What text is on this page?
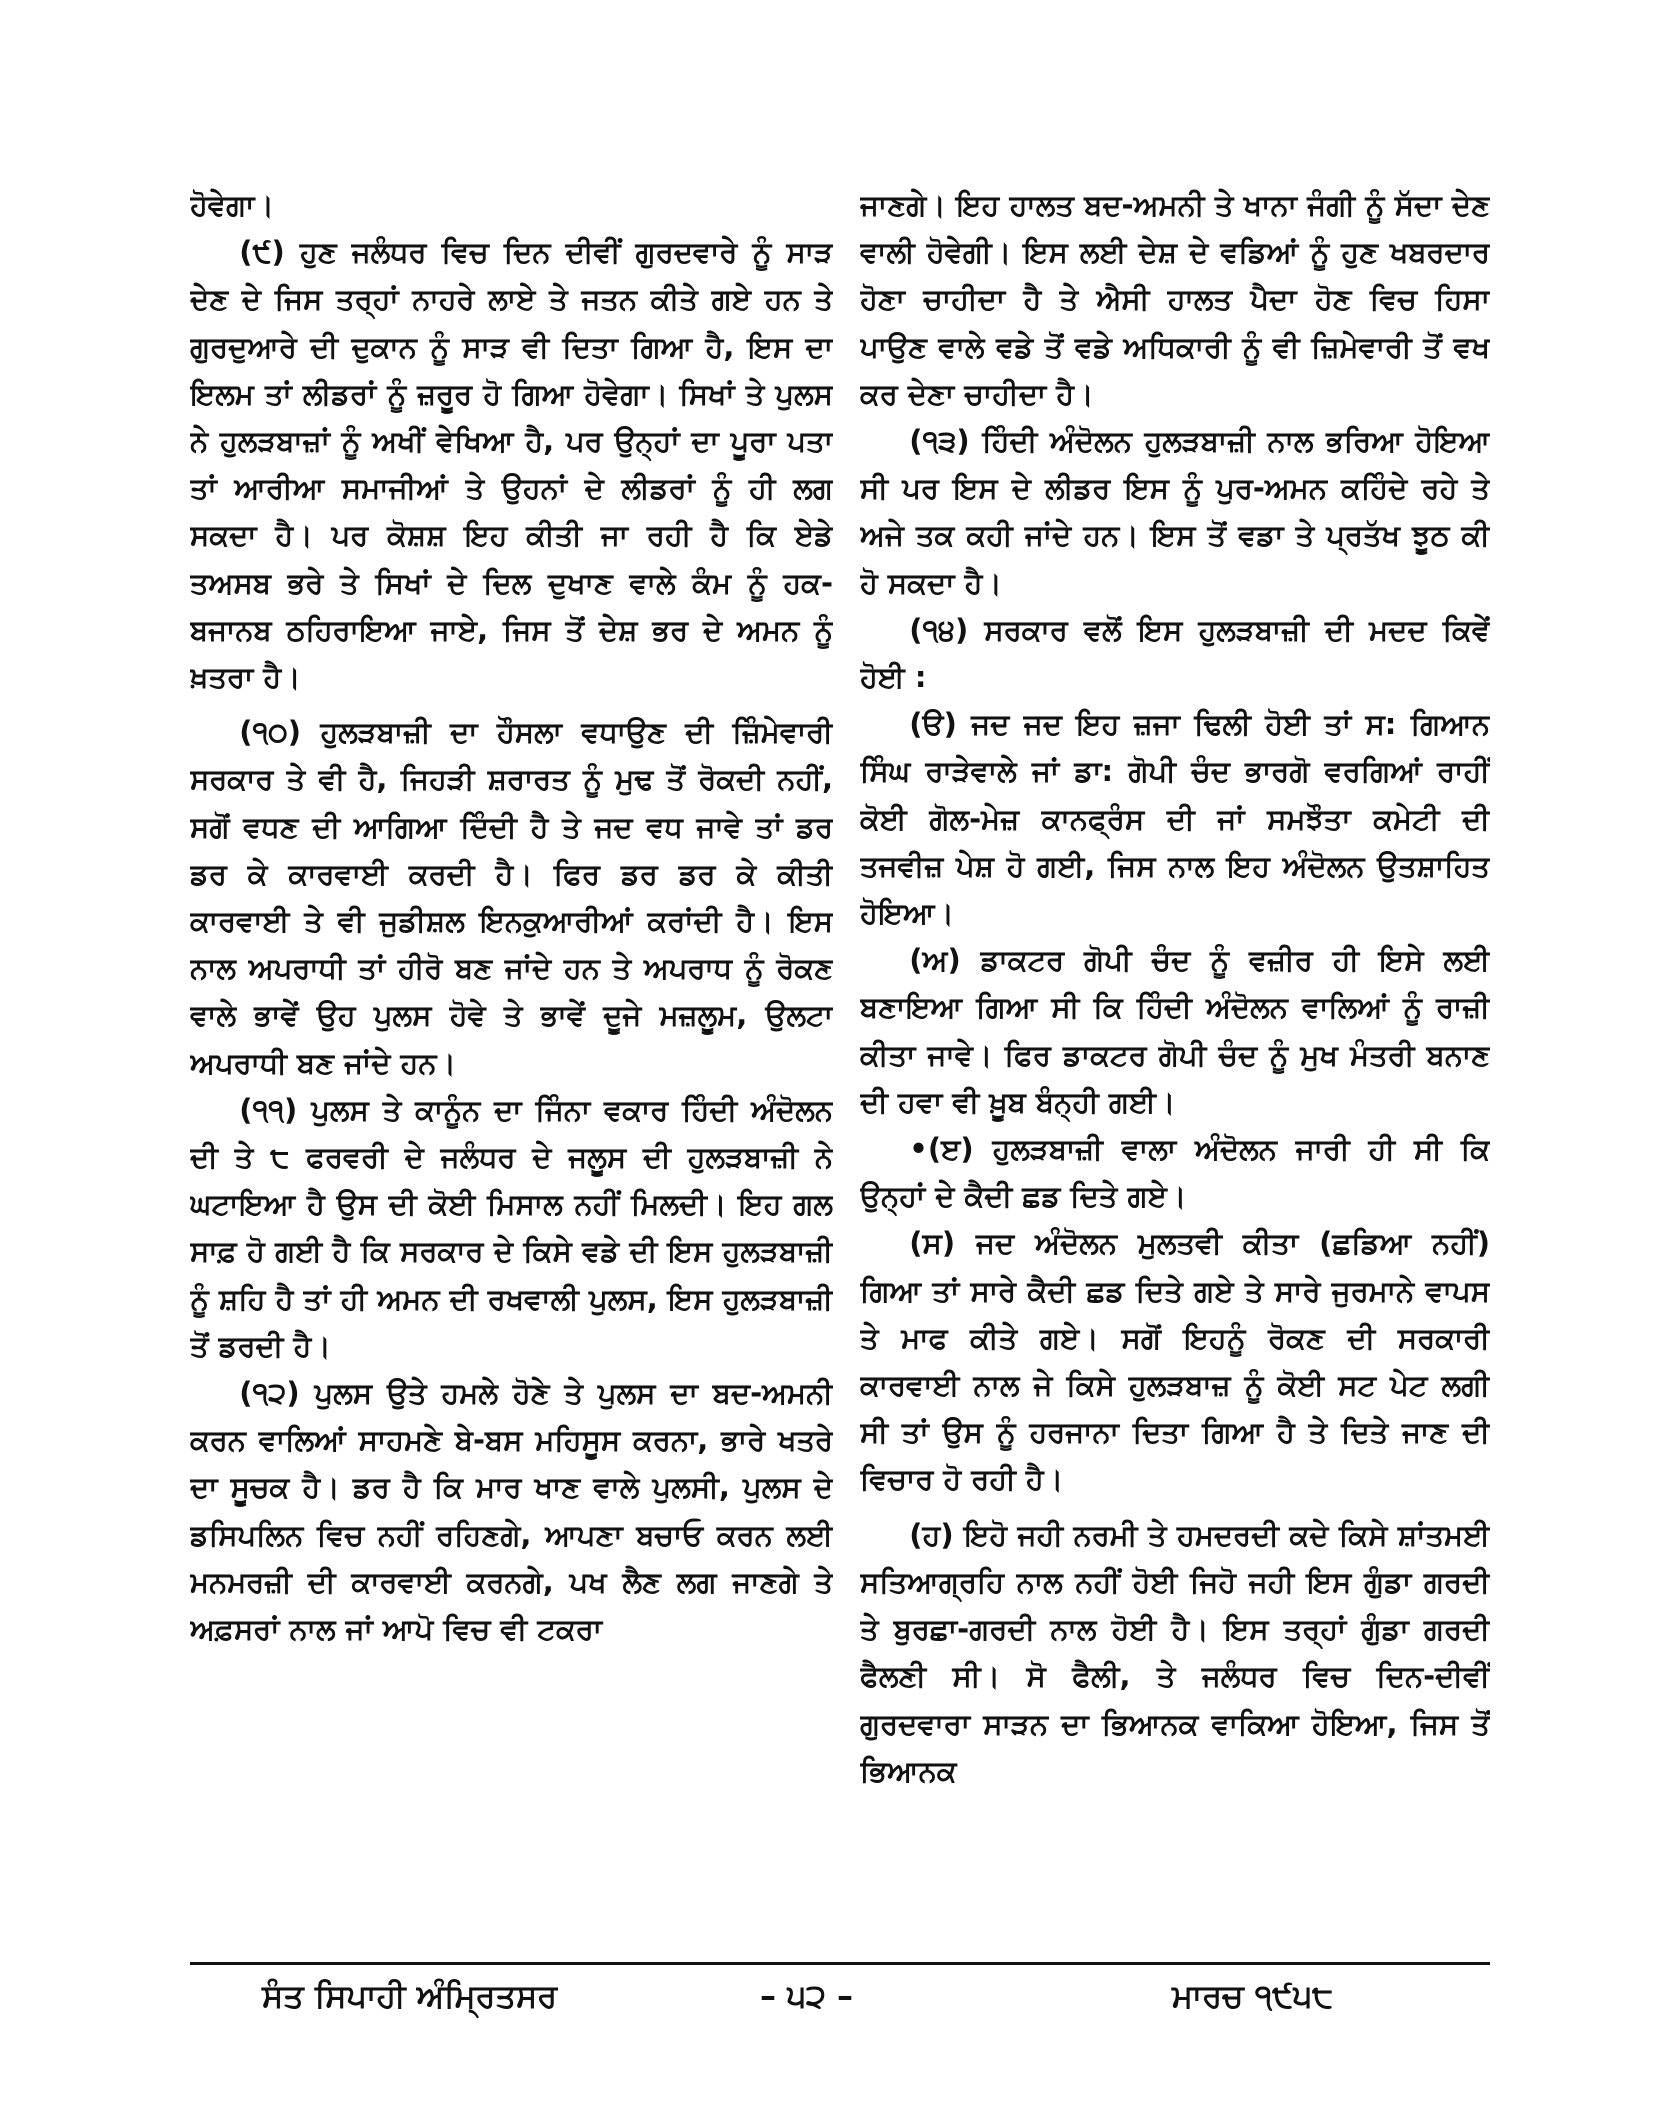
ਹੋਵੇਗਾ।

(੯) ਹੁਣ ਜਲੰਧਰ ਵਿਚ ਦਿਨ ਦੀਵੀਂ ਗੁਰਦਵਾਰੇ ਨੂੰ ਸਾੜ ਦੇਣ ਦੇ ਜਿਸ ਤਰ੍ਹਾਂ ਨਾਹਰੇ ਲਾਏ ਤੇ ਜਤਨ ਕੀਤੇ ਗਏ ਹਨ ਤੇ ਗੁਰਦੁਆਰੇ ਦੀ ਦੁਕਾਨ ਨੂੰ ਸਾੜ ਵੀ ਦਿਤਾ ਗਿਆ ਹੈ, ਇਸ ਦਾ ਇਲਮ ਤਾਂ ਲੀਡਰਾਂ ਨੂੰ ਜ਼ਰੂਰ ਹੋ ਗਿਆ ਹੋਵੇਗਾ। ਸਿਖਾਂ ਤੇ ਪੁਲਸ ਨੇ ਹੁਲੜਬਾਜ਼ਾਂ ਨੂੰ ਅਖੀਂ ਵੇਖਿਆ ਹੈ, ਪਰ ਉਨ੍ਹਾਂ ਦਾ ਪੂਰਾ ਪਤਾ ਤਾਂ ਆਰੀਆ ਸਮਾਜੀਆਂ ਤੇ ਉਹਨਾਂ ਦੇ ਲੀਡਰਾਂ ਨੂੰ ਹੀ ਲਗ ਸਕਦਾ ਹੈ। ਪਰ ਕੋਸ਼ਸ਼ ਇਹ ਕੀਤੀ ਜਾ ਰਹੀ ਹੈ ਕਿ ਏਡੇ ਤਅਸਬ ਭਰੇ ਤੇ ਸਿਖਾਂ ਦੇ ਦਿਲ ਦੁਖਾਣ ਵਾਲੇ ਕੰਮ ਨੂੰ ਹਕ-ਬਜਾਨਬ ਠਹਿਰਾਇਆ ਜਾਏ, ਜਿਸ ਤੋਂ ਦੇਸ਼ ਭਰ ਦੇ ਅਮਨ ਨੂੰ ਖ਼ਤਰਾ ਹੈ।

(੧੦) ਹੁਲੜਬਾਜ਼ੀ ਦਾ ਹੌਸਲਾ ਵਧਾਉਣ ਦੀ ਜ਼ਿੰਮੇਵਾਰੀ ਸਰਕਾਰ ਤੇ ਵੀ ਹੈ, ਜਿਹੜੀ ਸ਼ਰਾਰਤ ਨੂੰ ਮੁਢ ਤੋਂ ਰੋਕਦੀ ਨਹੀਂ, ਸਗੋਂ ਵਧਣ ਦੀ ਆਗਿਆ ਦਿੰਦੀ ਹੈ ਤੇ ਜਦ ਵਧ ਜਾਵੇ ਤਾਂ ਡਰ ਡਰ ਕੇ ਕਾਰਵਾਈ ਕਰਦੀ ਹੈ। ਫਿਰ ਡਰ ਡਰ ਕੇ ਕੀਤੀ ਕਾਰਵਾਈ ਤੇ ਵੀ ਜੁਡੀਸ਼ਲ ਇਨਕੁਆਰੀਆਂ ਕਰਾਂਦੀ ਹੈ। ਇਸ ਨਾਲ ਅਪਰਾਧੀ ਤਾਂ ਹੀਰੋ ਬਣ ਜਾਂਦੇ ਹਨ ਤੇ ਅਪਰਾਧ ਨੂੰ ਰੋਕਣ ਵਾਲੇ ਭਾਵੇਂ ਉਹ ਪੁਲਸ ਹੋਵੇ ਤੇ ਭਾਵੇਂ ਦੂਜੇ ਮਜ਼ਲੂਮ, ਉਲਟਾ ਅਪਰਾਧੀ ਬਣ ਜਾਂਦੇ ਹਨ।

(੧੧) ਪੁਲਸ ਤੇ ਕਾਨੂੰਨ ਦਾ ਜਿੰਨਾ ਵਕਾਰ ਹਿੰਦੀ ਅੰਦੋਲਨ ਦੀ ਤੇ ੮ ਫਰਵਰੀ ਦੇ ਜਲੰਧਰ ਦੇ ਜਲੂਸ ਦੀ ਹੁਲੜਬਾਜ਼ੀ ਨੇ ਘਟਾਇਆ ਹੈ ਉਸ ਦੀ ਕੋਈ ਮਿਸਾਲ ਨਹੀਂ ਮਿਲਦੀ। ਇਹ ਗਲ ਸਾਫ਼ ਹੋ ਗਈ ਹੈ ਕਿ ਸਰਕਾਰ ਦੇ ਕਿਸੇ ਵਡੇ ਦੀ ਇਸ ਹੁਲੜਬਾਜ਼ੀ ਨੂੰ ਸ਼ਹਿ ਹੈ ਤਾਂ ਹੀ ਅਮਨ ਦੀ ਰਖਵਾਲੀ ਪੁਲਸ, ਇਸ ਹੁਲੜਬਾਜ਼ੀ ਤੋਂ ਡਰਦੀ ਹੈ।

(੧੨) ਪੁਲਸ ਉਤੇ ਹਮਲੇ ਹੋਣੇ ਤੇ ਪੁਲਸ ਦਾ ਬਦ-ਅਮਨੀ ਕਰਨ ਵਾਲਿਆਂ ਸਾਹਮਣੇ ਬੇ-ਬਸ ਮਹਿਸੂਸ ਕਰਨਾ, ਭਾਰੇ ਖਤਰੇ ਦਾ ਸੂਚਕ ਹੈ। ਡਰ ਹੈ ਕਿ ਮਾਰ ਖਾਣ ਵਾਲੇ ਪੁਲਸੀ, ਪੁਲਸ ਦੇ ਡਸਿਪਲਿਨ ਵਿਚ ਨਹੀਂ ਰਹਿਣਗੇ, ਆਪਣਾ ਬਚਾਓ ਕਰਨ ਲਈ ਮਨਮਰਜ਼ੀ ਦੀ ਕਾਰਵਾਈ ਕਰਨਗੇ, ਪਖ ਲੈਣ ਲਗ ਜਾਣਗੇ ਤੇ ਅਫ਼ਸਰਾਂ ਨਾਲ ਜਾਂ ਆਪੋ ਵਿਚ ਵੀ ਟਕਰਾ

ਜਾਣਗੇ। ਇਹ ਹਾਲਤ ਬਦ-ਅਮਨੀ ਤੇ ਖਾਨਾ ਜੰਗੀ ਨੂੰ ਸੱਦਾ ਦੇਣ ਵਾਲੀ ਹੋਵੇਗੀ। ਇਸ ਲਈ ਦੇਸ਼ ਦੇ ਵਡਿਆਂ ਨੂੰ ਹੁਣ ਖਬਰਦਾਰ ਹੋਣਾ ਚਾਹੀਦਾ ਹੈ ਤੇ ਐਸੀ ਹਾਲਤ ਪੈਦਾ ਹੋਣ ਵਿਚ ਹਿਸਾ ਪਾਉਣ ਵਾਲੇ ਵਡੇ ਤੋਂ ਵਡੇ ਅਧਿਕਾਰੀ ਨੂੰ ਵੀ ਜ਼ਿਮੇਵਾਰੀ ਤੋਂ ਵਖ ਕਰ ਦੇਣਾ ਚਾਹੀਦਾ ਹੈ।

(੧੩) ਹਿੰਦੀ ਅੰਦੋਲਨ ਹੁਲੜਬਾਜ਼ੀ ਨਾਲ ਭਰਿਆ ਹੋਇਆ ਸੀ ਪਰ ਇਸ ਦੇ ਲੀਡਰ ਇਸ ਨੂੰ ਪੁਰ-ਅਮਨ ਕਹਿੰਦੇ ਰਹੇ ਤੇ ਅਜੇ ਤਕ ਕਹੀ ਜਾਂਦੇ ਹਨ। ਇਸ ਤੋਂ ਵਡਾ ਤੇ ਪ੍ਰਤੱਖ ਝੂਠ ਕੀ ਹੋ ਸਕਦਾ ਹੈ।

(੧੪) ਸਰਕਾਰ ਵਲੋਂ ਇਸ ਹੁਲੜਬਾਜ਼ੀ ਦੀ ਮਦਦ ਕਿਵੇਂ ਹੋਈ :

(ੳ) ਜਦ ਜਦ ਇਹ ਜ਼ਜਾ ਢਿਲੀ ਹੋਈ ਤਾਂ ਸ: ਗਿਆਨ ਸਿੰਘ ਰਾੜੇਵਾਲੇ ਜਾਂ ਡਾ: ਗੋਪੀ ਚੰਦ ਭਾਰਗੋ ਵਰਗਿਆਂ ਰਾਹੀਂ ਕੋਈ ਗੋਲ-ਮੇਜ਼ ਕਾਨਫ੍ਰੰਸ ਦੀ ਜਾਂ ਸਮਝੌਤਾ ਕਮੇਟੀ ਦੀ ਤਜਵੀਜ਼ ਪੇਸ਼ ਹੋ ਗਈ, ਜਿਸ ਨਾਲ ਇਹ ਅੰਦੋਲਨ ਉਤਸ਼ਾਹਿਤ ਹੋਇਆ।

(ਅ) ਡਾਕਟਰ ਗੋਪੀ ਚੰਦ ਨੂੰ ਵਜ਼ੀਰ ਹੀ ਇਸੇ ਲਈ ਬਣਾਇਆ ਗਿਆ ਸੀ ਕਿ ਹਿੰਦੀ ਅੰਦੋਲਨ ਵਾਲਿਆਂ ਨੂੰ ਰਾਜ਼ੀ ਕੀਤਾ ਜਾਵੇ। ਫਿਰ ਡਾਕਟਰ ਗੋਪੀ ਚੰਦ ਨੂੰ ਮੁਖ ਮੰਤਰੀ ਬਨਾਣ ਦੀ ਹਵਾ ਵੀ ਖ਼ੂਬ ਬੰਨ੍ਹੀ ਗਈ।

•(ੲ) ਹੁਲੜਬਾਜ਼ੀ ਵਾਲਾ ਅੰਦੋਲਨ ਜਾਰੀ ਹੀ ਸੀ ਕਿ ਉਨ੍ਹਾਂ ਦੇ ਕੈਦੀ ਛਡ ਦਿਤੇ ਗਏ।

(ਸ) ਜਦ ਅੰਦੋਲਨ ਮੁਲਤਵੀ ਕੀਤਾ (ਛਡਿਆ ਨਹੀਂ) ਗਿਆ ਤਾਂ ਸਾਰੇ ਕੈਦੀ ਛਡ ਦਿਤੇ ਗਏ ਤੇ ਸਾਰੇ ਜੁਰਮਾਨੇ ਵਾਪਸ ਤੇ ਮਾਫ ਕੀਤੇ ਗਏ। ਸਗੋਂ ਇਹਨੂੰ ਰੋਕਣ ਦੀ ਸਰਕਾਰੀ ਕਾਰਵਾਈ ਨਾਲ ਜੇ ਕਿਸੇ ਹੁਲੜਬਾਜ਼ ਨੂੰ ਕੋਈ ਸਟ ਪੇਟ ਲਗੀ ਸੀ ਤਾਂ ਉਸ ਨੂੰ ਹਰਜਾਨਾ ਦਿਤਾ ਗਿਆ ਹੈ ਤੇ ਦਿਤੇ ਜਾਣ ਦੀ ਵਿਚਾਰ ਹੋ ਰਹੀ ਹੈ।

(ਹ) ਇਹੋ ਜਹੀ ਨਰਮੀ ਤੇ ਹਮਦਰਦੀ ਕਦੇ ਕਿਸੇ ਸ਼ਾਂਤਮਈ ਸਤਿਆਗ੍ਰਹਿ ਨਾਲ ਨਹੀਂ ਹੋਈ ਜਿਹੋ ਜਹੀ ਇਸ ਗੁੰਡਾ ਗਰਦੀ ਤੇ ਬੁਰਛਾ-ਗਰਦੀ ਨਾਲ ਹੋਈ ਹੈ। ਇਸ ਤਰ੍ਹਾਂ ਗੁੰਡਾ ਗਰਦੀ ਫੈਲਣੀ ਸੀ। ਸੋ ਫੈਲੀ, ਤੇ ਜਲੰਧਰ ਵਿਚ ਦਿਨ-ਦੀਵੀਂ ਗੁਰਦਵਾਰਾ ਸਾੜਨ ਦਾ ਭਿਆਨਕ ਵਾਕਿਆ ਹੋਇਆ, ਜਿਸ ਤੋਂ ਭਿਆਨਕ

ਸੰਤ ਸਿਪਾਹੀ ਅੰਮ੍ਰਿਤਸਰ	– ੫੨ –	ਮਾਰਚ ੧੯੫੮
